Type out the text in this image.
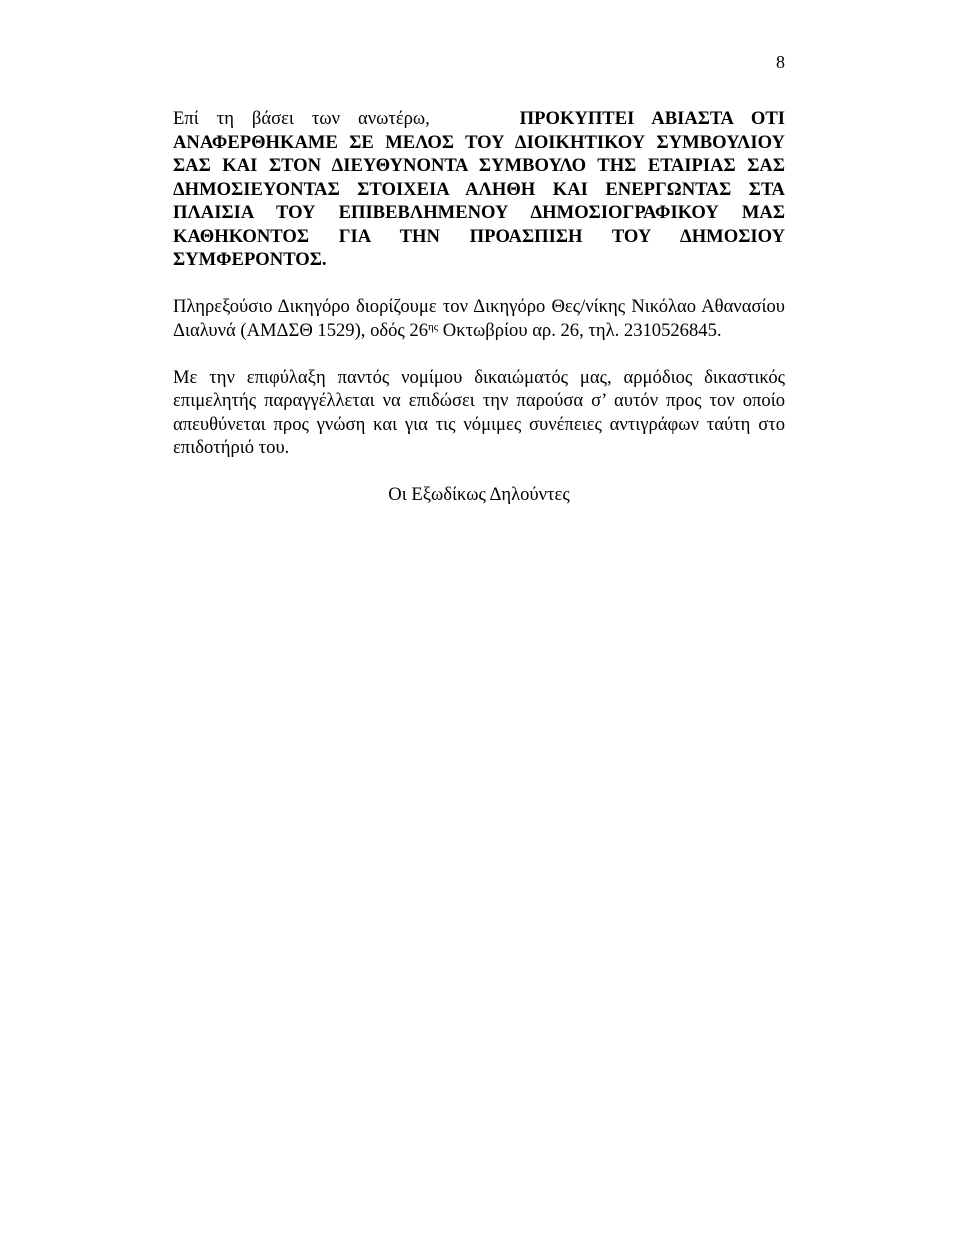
8

Επί τη βάσει των ανωτέρω,	ΠΡΟΚΥΠΤΕΙ ΑΒΙΑΣΤΑ ΟΤΙ ΑΝΑΦΕΡΘΗΚΑΜΕ ΣΕ ΜΕΛΟΣ ΤΟΥ ΔΙΟΙΚΗΤΙΚΟΥ ΣΥΜΒΟΥΛΙΟΥ ΣΑΣ ΚΑΙ ΣΤΟΝ ΔΙΕΥΘΥΝΟΝΤΑ ΣΥΜΒΟΥΛΟ ΤΗΣ ΕΤΑΙΡΙΑΣ ΣΑΣ ΔΗΜΟΣΙΕΥΟΝΤΑΣ ΣΤΟΙΧΕΙΑ ΑΛΗΘΗ ΚΑΙ ΕΝΕΡΓΩΝΤΑΣ ΣΤΑ ΠΛΑΙΣΙΑ ΤΟΥ ΕΠΙΒΕΒΛΗΜΕΝΟΥ ΔΗΜΟΣΙΟΓΡΑΦΙΚΟΥ ΜΑΣ ΚΑΘΗΚΟΝΤΟΣ ΓΙΑ ΤΗΝ ΠΡΟΑΣΠΙΣΗ ΤΟΥ ΔΗΜΟΣΙΟΥ ΣΥΜΦΕΡΟΝΤΟΣ.

Πληρεξούσιο Δικηγόρο διορίζουμε τον Δικηγόρο Θες/νίκης Νικόλαο Αθανασίου Διαλυνά (ΑΜΔΣΘ 1529), οδός $26^{\eta\varsigma}$ Οκτωβρίου αρ. 26, τηλ. 2310526845.

Με την επιφύλαξη παντός νομίμου δικαιώματός μας, αρμόδιος δικαστικός επιμελητής παραγγέλλεται να επιδώσει την παρούσα σ’ αυτόν προς τον οποίο απευθύνεται προς γνώση και για τις νόμιμες συνέπειες αντιγράφων ταύτη στο επιδοτήριό του.

Οι Εξωδίκως Δηλούντες
